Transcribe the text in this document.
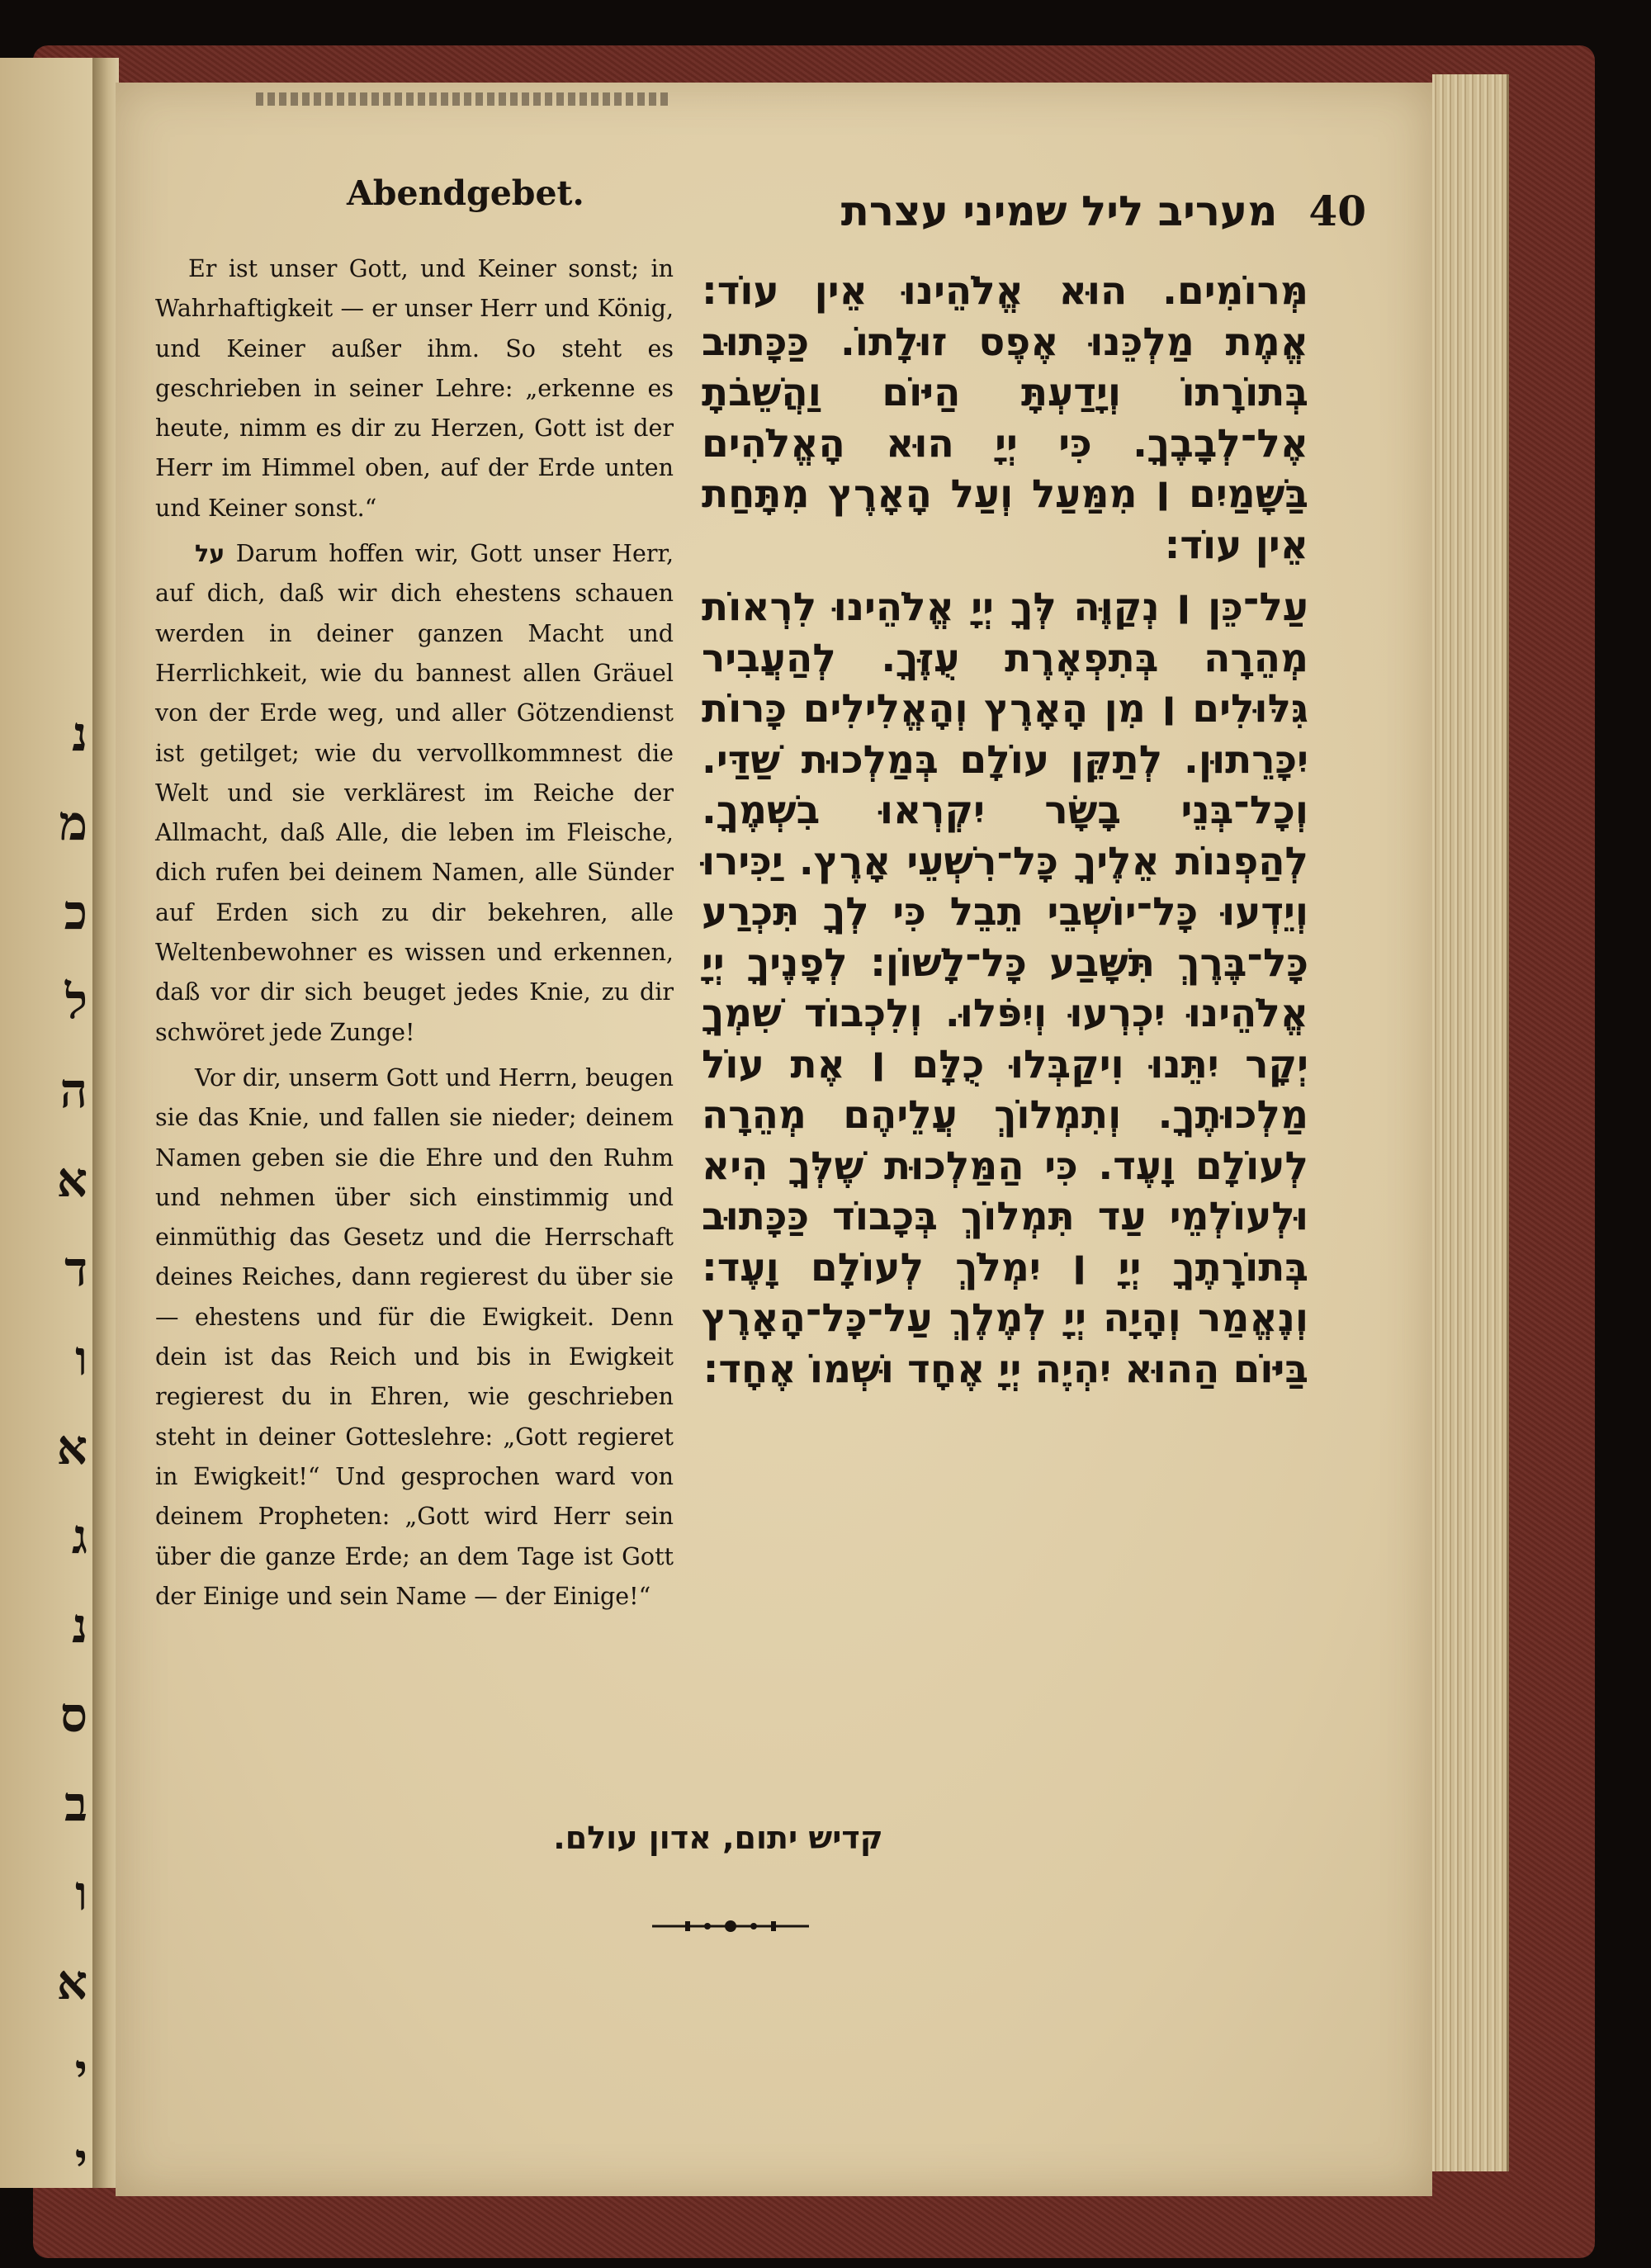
נ
מ
כ
ל
ה
א
ד
ו
א
ג
נ
ס
ב
ו
א
י
י
Abendgebet.	40מעריב ליל שמיני עצרת

Er ist unser Gott, und Keiner sonst; in Wahrhaftigkeit — er unser Herr und König, und Keiner außer ihm. So steht es geschrieben in seiner Lehre: „erkenne es heute, nimm es dir zu Herzen, Gott ist der Herr im Himmel oben, auf der Erde unten und Keiner sonst.“

על Darum hoffen wir, Gott unser Herr, auf dich, daß wir dich ehestens schauen werden in deiner ganzen Macht und Herrlichkeit, wie du bannest allen Gräuel von der Erde weg, und aller Götzendienst ist getilget; wie du vervollkommnest die Welt und sie verklärest im Reiche der Allmacht, daß Alle, die leben im Fleische, dich rufen bei deinem Namen, alle Sünder auf Erden sich zu dir bekehren, alle Weltenbewohner es wissen und erkennen, daß vor dir sich beuget jedes Knie, zu dir schwöret jede Zunge!

Vor dir, unserm Gott und Herrn, beugen sie das Knie, und fallen sie nieder; deinem Namen geben sie die Ehre und den Ruhm und nehmen über sich einstimmig und einmüthig das Gesetz und die Herrschaft deines Reiches, dann regierest du über sie — ehestens und für die Ewigkeit. Denn dein ist das Reich und bis in Ewigkeit regierest du in Ehren, wie geschrieben steht in deiner Gotteslehre: „Gott regieret in Ewigkeit!“ Und gesprochen ward von deinem Propheten: „Gott wird Herr sein über die ganze Erde; an dem Tage ist Gott der Einige und sein Name — der Einige!“

מְּרוֹמִים. הוּא אֱלֹהֵינוּ אֵין עוֹד: אֱמֶת מַלְכֵּנוּ אֶפֶס זוּלָתוֹ. כַּכָּתוּב בְּתוֹרָתוֹ וְיָדַעְתָּ הַיּוֹם וַהֲשֵׁבֹתָ אֶל־לְבָבֶךָ. כִּי יְיָ הוּא הָאֱלֹהִים בַּשָּׁמַיִם ׀ מִמַּעַל וְעַל הָאָרֶץ מִתָּחַת אֵין עוֹד:

עַל־כֵּן ׀ נְקַוֶּה לְּךָ יְיָ אֱלֹהֵינוּ לִרְאוֹת מְהֵרָה בְּתִפְאֶרֶת עֻזֶּךָ. לְהַעֲבִיר גִּלּוּלִים ׀ מִן הָאָרֶץ וְהָאֱלִילִים כָּרוֹת יִכָּרֵתוּן. לְתַקֵּן עוֹלָם בְּמַלְכוּת שַׁדַּי. וְכָל־בְּנֵי בָשָׂר יִקְרְאוּ בִשְׁמֶךָ. לְהַפְנוֹת אֵלֶיךָ כָּל־רִשְׁעֵי אָרֶץ. יַכִּירוּ וְיֵדְעוּ כָּל־יוֹשְׁבֵי תֵבֵל כִּי לְךָ תִּכְרַע כָּל־בֶּרֶךְ תִּשָּׁבַע כָּל־לָשׁוֹן: לְפָנֶיךָ יְיָ אֱלֹהֵינוּ יִכְרְעוּ וְיִפֹּלוּ. וְלִכְבוֹד שִׁמְךָ יְקָר יִתֵּנוּ וִיקַבְּלוּ כֻלָּם ׀ אֶת עוֹל מַלְכוּתֶךָ. וְתִמְלוֹךְ עֲלֵיהֶם מְהֵרָה לְעוֹלָם וָעֶד. כִּי הַמַּלְכוּת שֶׁלְּךָ הִיא וּלְעוֹלְמֵי עַד תִּמְלוֹךְ בְּכָבוֹד כַּכָּתוּב בְּתוֹרָתֶךָ יְיָ ׀ יִמְלֹךְ לְעוֹלָם וָעֶד: וְנֶאֱמַר וְהָיָה יְיָ לְמֶלֶךְ עַל־כָּל־הָאָרֶץ בַּיּוֹם הַהוּא יִהְיֶה יְיָ אֶחָד וּשְׁמוֹ אֶחָד:

קדיש יתום, אדון עולם.
